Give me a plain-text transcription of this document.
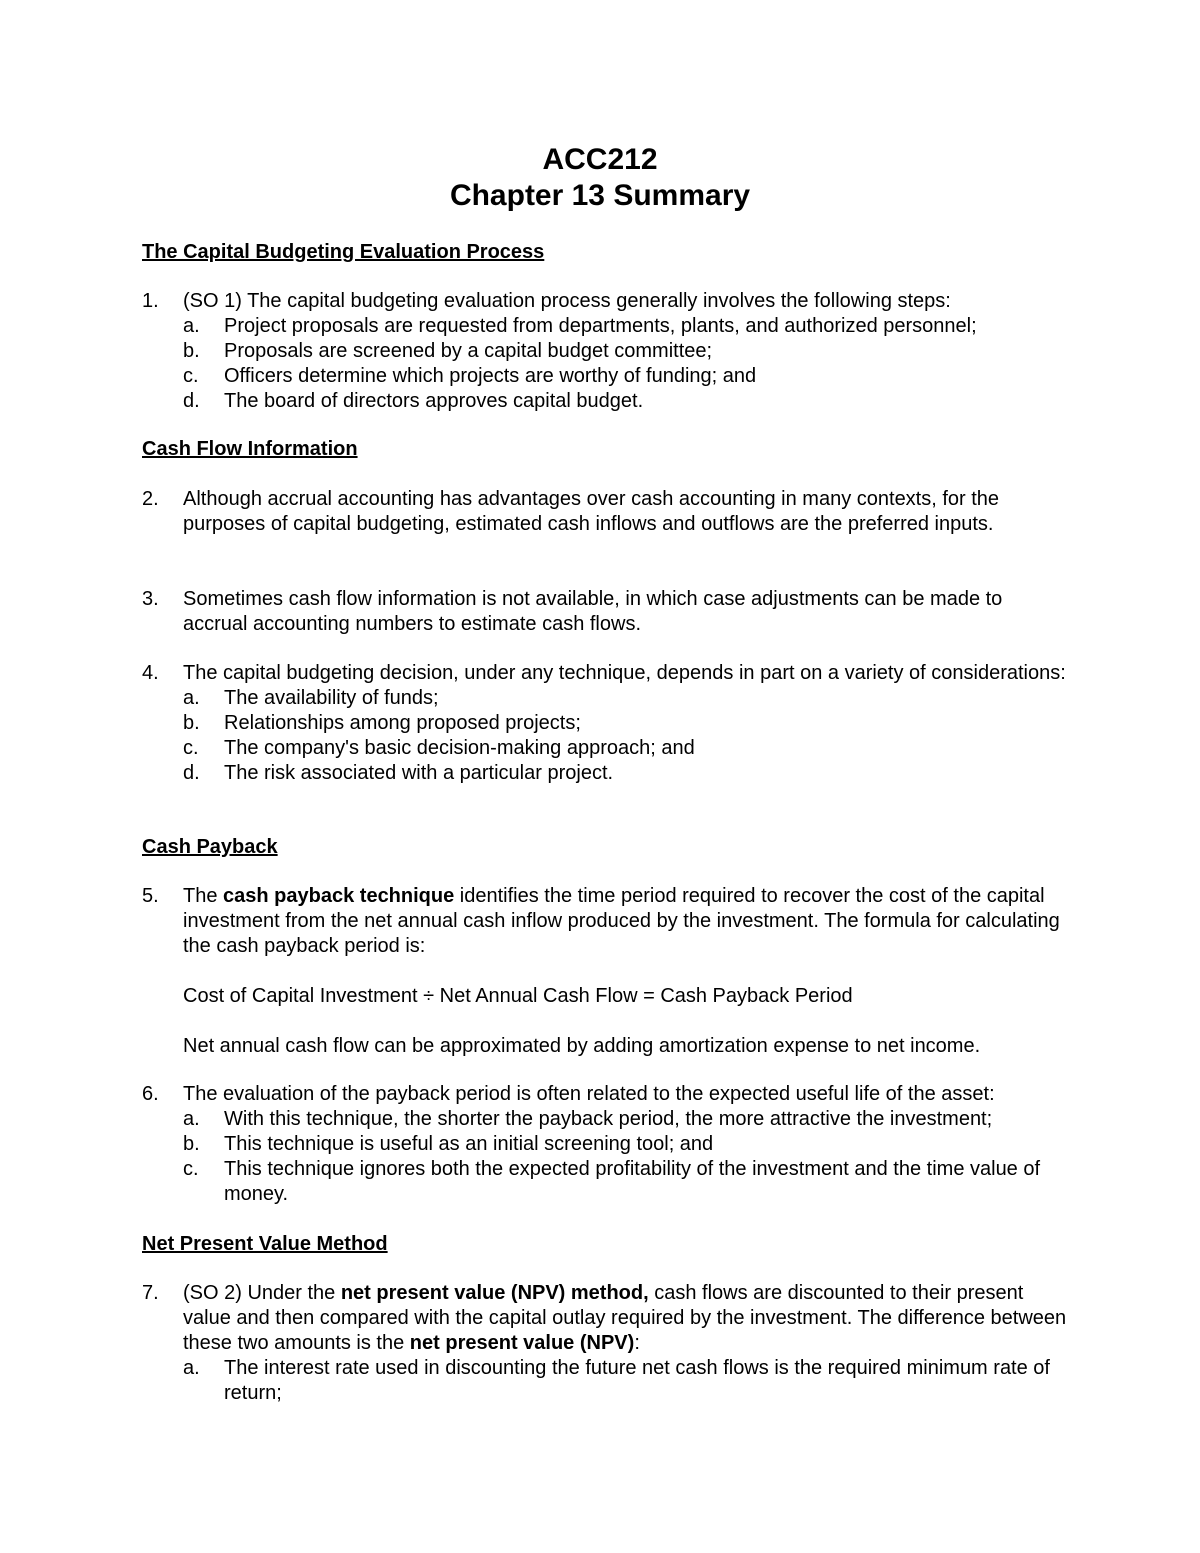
ACC212
Chapter 13 Summary
The Capital Budgeting Evaluation Process
1.	(SO 1) The capital budgeting evaluation process generally involves the following steps:

a.	Project proposals are requested from departments, plants, and authorized personnel;
b.	Proposals are screened by a capital budget committee;
c.	Officers determine which projects are worthy of funding; and
d.	The board of directors approves capital budget.
Cash Flow Information
2.	Although accrual accounting has advantages over cash accounting in many contexts, for the purposes of capital budgeting, estimated cash inflows and outflows are the preferred inputs.

3.	Sometimes cash flow information is not available, in which case adjustments can be made to accrual accounting numbers to estimate cash flows.

4.	The capital budgeting decision, under any technique, depends in part on a variety of considerations:

a.	The availability of funds;
b.	Relationships among proposed projects;
c.	The company's basic decision-making approach; and
d.	The risk associated with a particular project.
Cash Payback
5.	The cash payback technique identifies the time period required to recover the cost of the capital investment from the net annual cash inflow produced by the investment. The formula for calculating the cash payback period is:

Cost of Capital Investment ÷ Net Annual Cash Flow = Cash Payback Period

Net annual cash flow can be approximated by adding amortization expense to net income.

6.	The evaluation of the payback period is often related to the expected useful life of the asset:

a.	With this technique, the shorter the payback period, the more attractive the investment;
b.	This technique is useful as an initial screening tool; and
c.	This technique ignores both the expected profitability of the investment and the time value of money.
Net Present Value Method
7.	(SO 2) Under the net present value (NPV) method, cash flows are discounted to their present value and then compared with the capital outlay required by the investment. The difference between these two amounts is the net present value (NPV):

a.	The interest rate used in discounting the future net cash flows is the required minimum rate of return;
